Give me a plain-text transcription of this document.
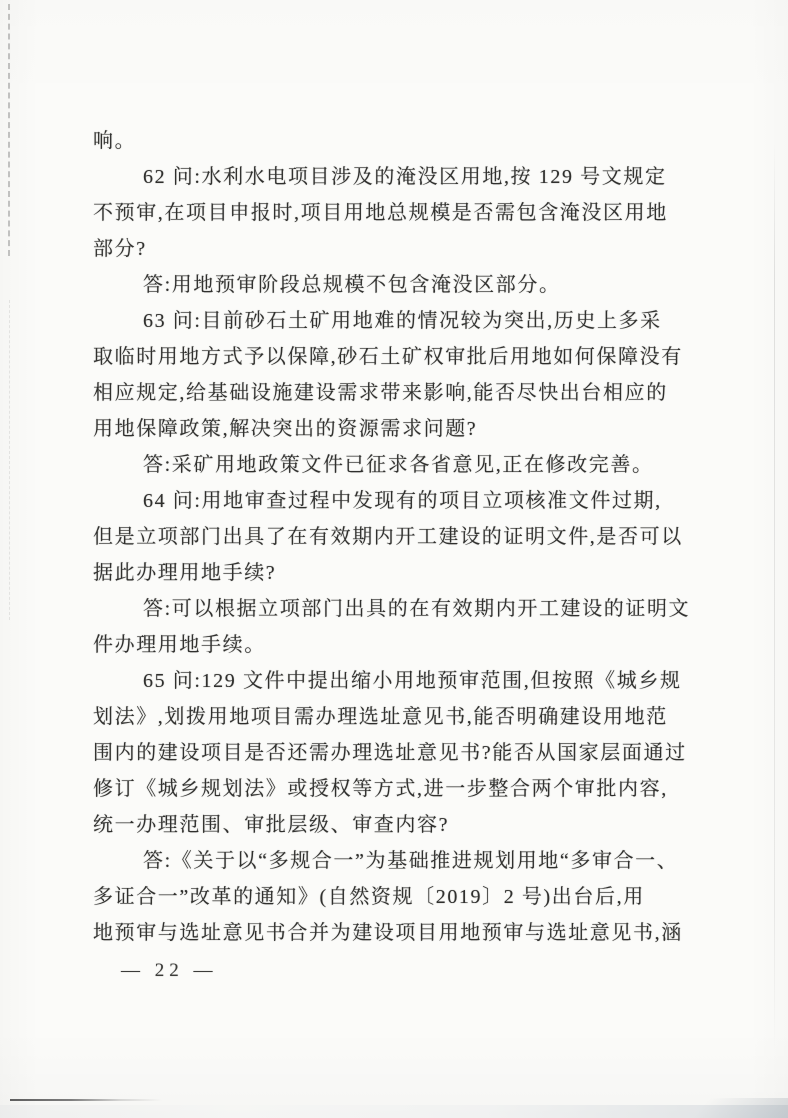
响。
62 问:水利水电项目涉及的淹没区用地,按 129 号文规定
不预审,在项目申报时,项目用地总规模是否需包含淹没区用地
部分?
答:用地预审阶段总规模不包含淹没区部分。
63 问:目前砂石土矿用地难的情况较为突出,历史上多采
取临时用地方式予以保障,砂石土矿权审批后用地如何保障没有
相应规定,给基础设施建设需求带来影响,能否尽快出台相应的
用地保障政策,解决突出的资源需求问题?
答:采矿用地政策文件已征求各省意见,正在修改完善。
64 问:用地审查过程中发现有的项目立项核准文件过期,
但是立项部门出具了在有效期内开工建设的证明文件,是否可以
据此办理用地手续?
答:可以根据立项部门出具的在有效期内开工建设的证明文
件办理用地手续。
65 问:129 文件中提出缩小用地预审范围,但按照《城乡规
划法》,划拨用地项目需办理选址意见书,能否明确建设用地范
围内的建设项目是否还需办理选址意见书?能否从国家层面通过
修订《城乡规划法》或授权等方式,进一步整合两个审批内容,
统一办理范围、审批层级、审查内容?
答:《关于以“多规合一”为基础推进规划用地“多审合一、
多证合一”改革的通知》(自然资规〔2019〕2 号)出台后,用
地预审与选址意见书合并为建设项目用地预审与选址意见书,涵
— 22 —
